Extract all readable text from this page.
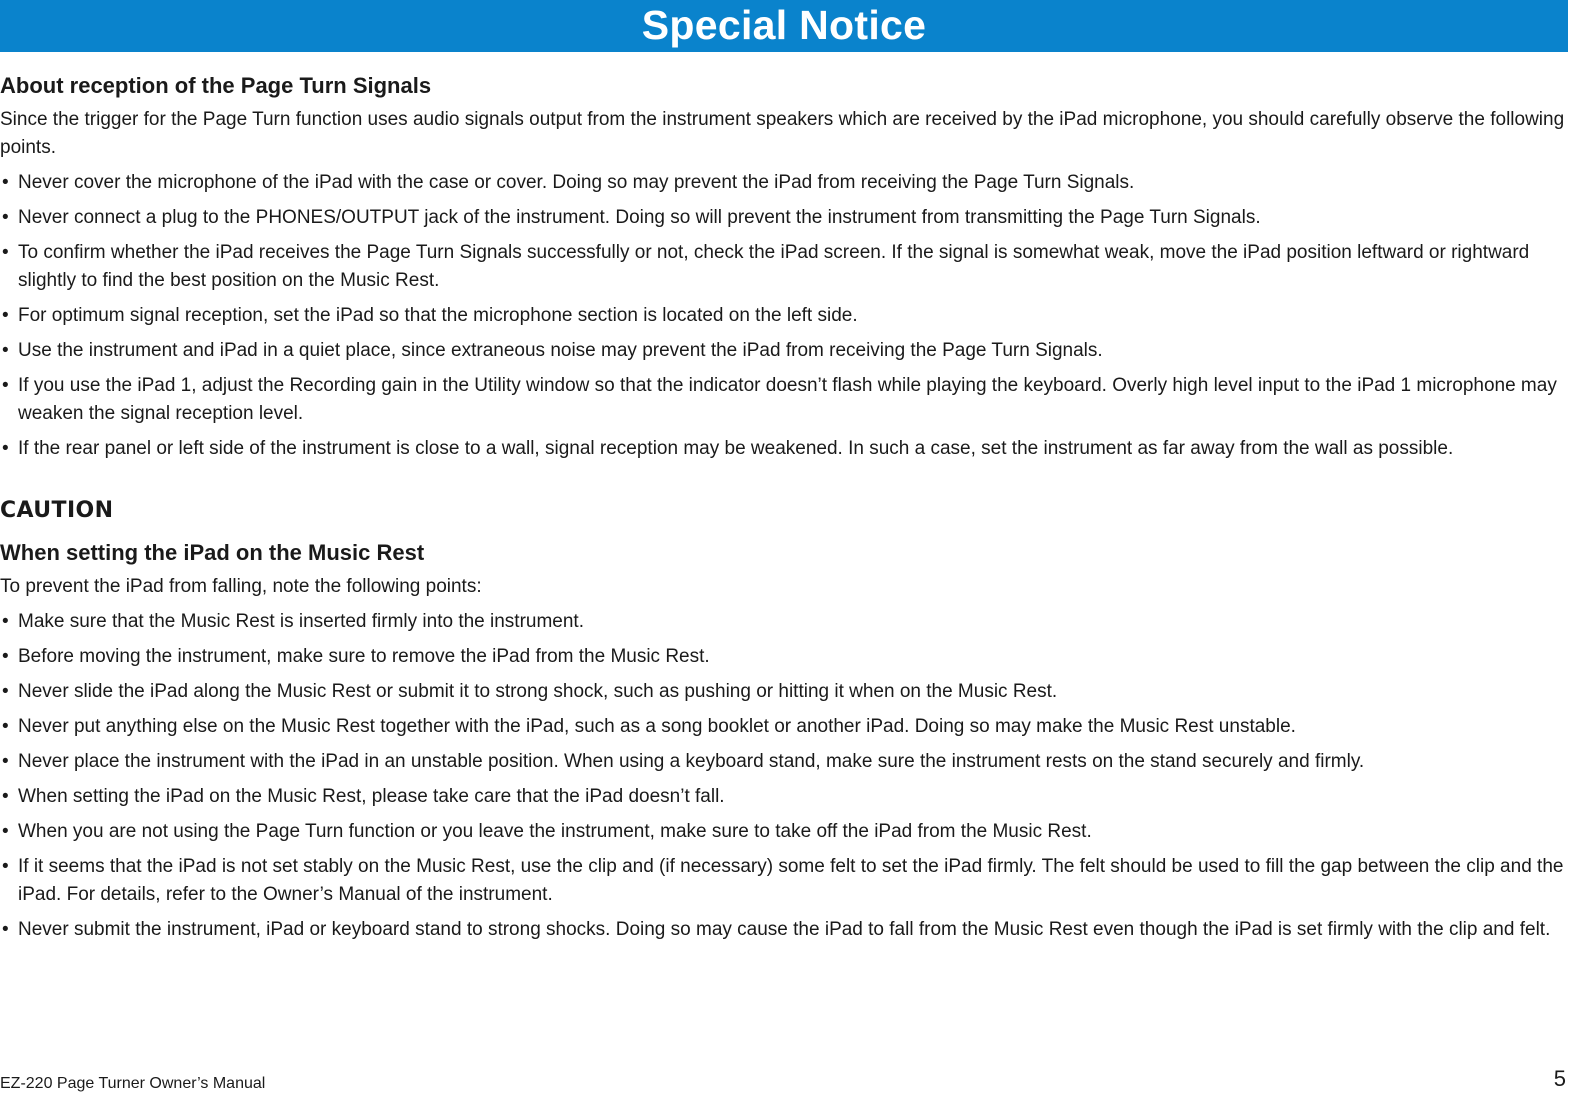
Special Notice
About reception of the Page Turn Signals
Since the trigger for the Page Turn function uses audio signals output from the instrument speakers which are received by the iPad microphone, you should carefully observe the following points.
• Never cover the microphone of the iPad with the case or cover. Doing so may prevent the iPad from receiving the Page Turn Signals.
• Never connect a plug to the PHONES/OUTPUT jack of the instrument. Doing so will prevent the instrument from transmitting the Page Turn Signals.
• To confirm whether the iPad receives the Page Turn Signals successfully or not, check the iPad screen. If the signal is somewhat weak, move the iPad position leftward or rightward slightly to find the best position on the Music Rest.
• For optimum signal reception, set the iPad so that the microphone section is located on the left side.
• Use the instrument and iPad in a quiet place, since extraneous noise may prevent the iPad from receiving the Page Turn Signals.
• If you use the iPad 1, adjust the Recording gain in the Utility window so that the indicator doesn’t flash while playing the keyboard. Overly high level input to the iPad 1 microphone may weaken the signal reception level.
• If the rear panel or left side of the instrument is close to a wall, signal reception may be weakened. In such a case, set the instrument as far away from the wall as possible.
CAUTION
When setting the iPad on the Music Rest
To prevent the iPad from falling, note the following points:
• Make sure that the Music Rest is inserted firmly into the instrument.
• Before moving the instrument, make sure to remove the iPad from the Music Rest.
• Never slide the iPad along the Music Rest or submit it to strong shock, such as pushing or hitting it when on the Music Rest.
• Never put anything else on the Music Rest together with the iPad, such as a song booklet or another iPad. Doing so may make the Music Rest unstable.
• Never place the instrument with the iPad in an unstable position. When using a keyboard stand, make sure the instrument rests on the stand securely and firmly.
• When setting the iPad on the Music Rest, please take care that the iPad doesn’t fall.
• When you are not using the Page Turn function or you leave the instrument, make sure to take off the iPad from the Music Rest.
• If it seems that the iPad is not set stably on the Music Rest, use the clip and (if necessary) some felt to set the iPad firmly. The felt should be used to fill the gap between the clip and the iPad. For details, refer to the Owner’s Manual of the instrument.
• Never submit the instrument, iPad or keyboard stand to strong shocks. Doing so may cause the iPad to fall from the Music Rest even though the iPad is set firmly with the clip and felt.
EZ-220 Page Turner Owner’s Manual	5
